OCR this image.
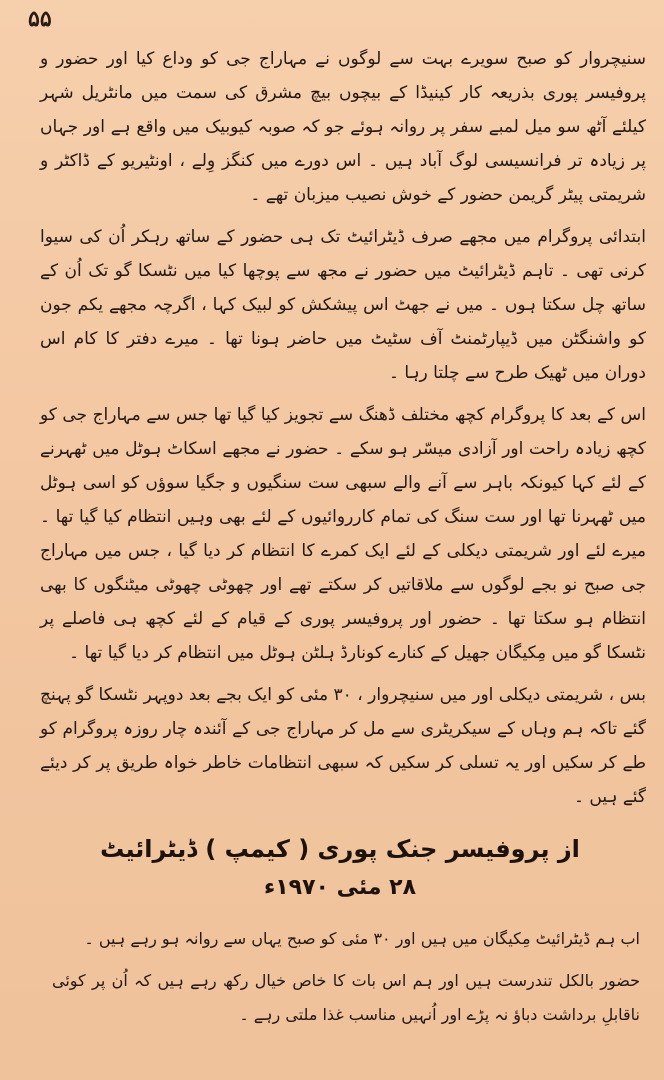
۵۵

سنیچروار کو صبح سویرے بہت سے لوگوں نے مہاراج جی کو وداع کیا اور حضور و پروفیسر پوری بذریعہ کار کینیڈا کے بیچوں بیچ مشرق کی سمت میں مانٹریل شہر کیلئے آٹھ سو میل لمبے سفر پر روانہ ہوئے جو کہ صوبہ کیوبیک میں واقع ہے اور جہاں پر زیادہ تر فرانسیسی لوگ آباد ہیں ۔ اس دورے میں کنگز وِلے ، اونٹیریو کے ڈاکٹر و شریمتی پیٹر گریمن حضور کے خوش نصیب میزبان تھے ۔

ابتدائی پروگرام میں مجھے صرف ڈیٹرائیٹ تک ہی حضور کے ساتھ رہکر اُن کی سیوا کرنی تھی ۔ تاہم ڈیٹرائیٹ میں حضور نے مجھ سے پوچھا کیا میں نٹسکا گو تک اُن کے ساتھ چل سکتا ہوں ۔ میں نے جھٹ اس پیشکش کو لبیک کہا ، اگرچہ مجھے یکم جون کو واشنگٹن میں ڈیپارٹمنٹ آف سٹیٹ میں حاضر ہونا تھا ۔ میرے دفتر کا کام اس دوران میں ٹھیک طرح سے چلتا رہا ۔

اس کے بعد کا پروگرام کچھ مختلف ڈھنگ سے تجویز کیا گیا تھا جس سے مہاراج جی کو کچھ زیادہ راحت اور آزادی میسّر ہو سکے ۔ حضور نے مجھے اسکاٹ ہوٹل میں ٹھہرنے کے لئے کہا کیونکہ باہر سے آنے والے سبھی ست سنگیوں و جگیا سوؤں کو اسی ہوٹل میں ٹھہرنا تھا اور ست سنگ کی تمام کارروائیوں کے لئے بھی وہیں انتظام کیا گیا تھا ۔ میرے لئے اور شریمتی دیکلی کے لئے ایک کمرے کا انتظام کر دیا گیا ، جس میں مہاراج جی صبح نو بجے لوگوں سے ملاقاتیں کر سکتے تھے اور چھوٹی چھوٹی میٹنگوں کا بھی انتظام ہو سکتا تھا ۔ حضور اور پروفیسر پوری کے قیام کے لئے کچھ ہی فاصلے پر نٹسکا گو میں مِکیگان جھیل کے کنارے کونارڈ ہلٹن ہوٹل میں انتظام کر دیا گیا تھا ۔

بس ، شریمتی دیکلی اور میں سنیچروار ، ۳۰ مئی کو ایک بجے بعد دوپہر نٹسکا گو پہنچ گئے تاکہ ہم وہاں کے سیکریٹری سے مل کر مہاراج جی کے آئندہ چار روزہ پروگرام کو طے کر سکیں اور یہ تسلی کر سکیں کہ سبھی انتظامات خاطر خواہ طریق پر کر دیئے گئے ہیں ۔

از پروفیسر جنک پوری ( کیمپ ) ڈیٹرائیٹ
۲۸ مئی ۱۹۷۰ء

اب ہم ڈیٹرائیٹ مِکیگان میں ہیں اور ۳۰ مئی کو صبح یہاں سے روانہ ہو رہے ہیں ۔

حضور بالکل تندرست ہیں اور ہم اس بات کا خاص خیال رکھ رہے ہیں کہ اُن پر کوئی ناقابلِ برداشت دباؤ نہ پڑے اور اُنہیں مناسب غذا ملتی رہے ۔
